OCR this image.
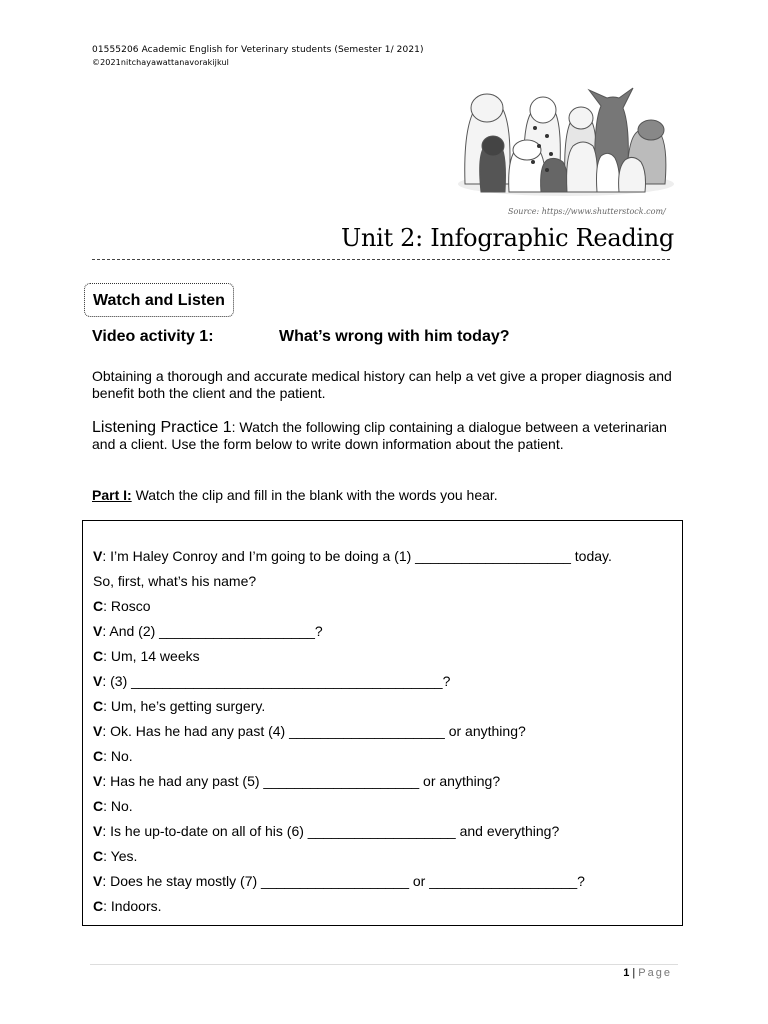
01555206 Academic English for Veterinary students (Semester 1/ 2021)
©2021nitchayawattanavorakijkul
Source: https://www.shutterstock.com/
Unit 2: Infographic Reading
Watch and Listen
Video activity 1:	What’s wrong with him today?

Obtaining a thorough and accurate medical history can help a vet give a proper diagnosis and benefit both the client and the patient.

Listening Practice 1: Watch the following clip containing a dialogue between a veterinarian and a client. Use the form below to write down information about the patient.

Part I: Watch the clip and fill in the blank with the words you hear.

V: I’m Haley Conroy and I’m going to be doing a (1) ____________________ today.
So, first, what’s his name?
C: Rosco
V: And (2) ____________________?
C: Um, 14 weeks
V: (3) ________________________________________?
C: Um, he’s getting surgery.
V: Ok. Has he had any past (4) ____________________ or anything?
C: No.
V: Has he had any past (5) ____________________ or anything?
C: No.
V: Is he up-to-date on all of his (6) ___________________ and everything?
C: Yes.
V: Does he stay mostly (7) ___________________ or ___________________?
C: Indoors.
1 | Page
